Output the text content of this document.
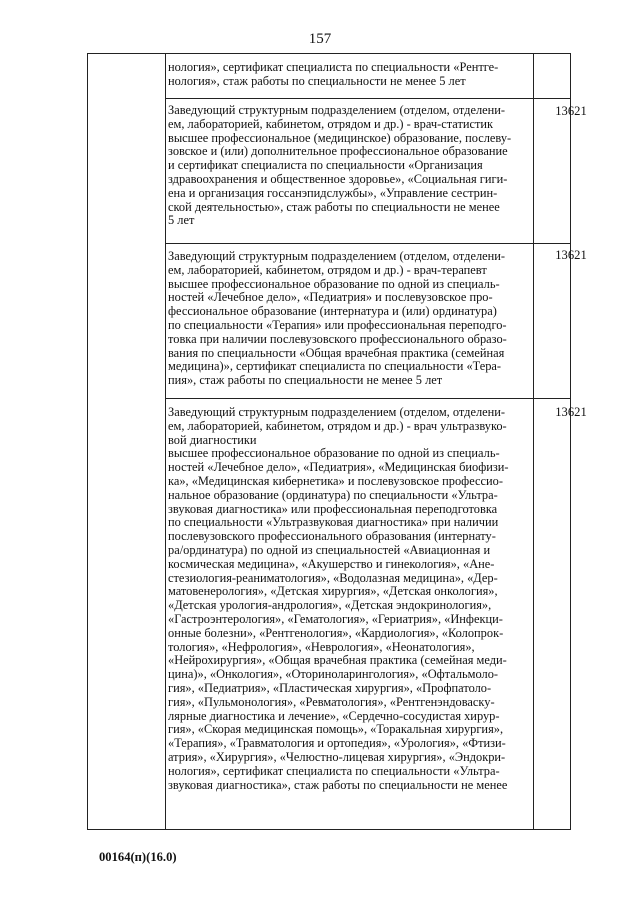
157

нология», сертификат специалиста по специальности «Рентге-
нология», стаж работы по специальности не менее 5 лет

Заведующий структурным подразделением (отделом, отделени-
ем, лабораторией, кабинетом, отрядом и др.) - врач-статистик
высшее профессиональное (медицинское) образование, послеву-
зовское и (или) дополнительное профессиональное образование
и сертификат специалиста по специальности «Организация
здравоохранения и общественное здоровье», «Социальная гиги-
ена и организация госсанэпидслужбы», «Управление сестрин-
ской деятельностью», стаж работы по специальности не менее
5 лет

13621

Заведующий структурным подразделением (отделом, отделени-
ем, лабораторией, кабинетом, отрядом и др.) - врач-терапевт
высшее профессиональное образование по одной из специаль-
ностей «Лечебное дело», «Педиатрия» и послевузовское про-
фессиональное образование (интернатура и (или) ординатура)
по специальности «Терапия» или профессиональная переподго-
товка при наличии послевузовского профессионального образо-
вания по специальности «Общая врачебная практика (семейная
медицина)», сертификат специалиста по специальности «Тера-
пия», стаж работы по специальности не менее 5 лет

13621

Заведующий структурным подразделением (отделом, отделени-
ем, лабораторией, кабинетом, отрядом и др.) - врач ультразвуко-
вой диагностики
высшее профессиональное образование по одной из специаль-
ностей «Лечебное дело», «Педиатрия», «Медицинская биофизи-
ка», «Медицинская кибернетика» и послевузовское профессио-
нальное образование (ординатура) по специальности «Ультра-
звуковая диагностика» или профессиональная переподготовка
по специальности «Ультразвуковая диагностика» при наличии
послевузовского профессионального образования (интернату-
ра/ординатура) по одной из специальностей «Авиационная и
космическая медицина», «Акушерство и гинекология», «Ане-
стезиология-реаниматология», «Водолазная медицина», «Дер-
матовенерология», «Детская хирургия», «Детская онкология»,
«Детская урология-андрология», «Детская эндокринология»,
«Гастроэнтерология», «Гематология», «Гериатрия», «Инфекци-
онные болезни», «Рентгенология», «Кардиология», «Колопрок-
тология», «Нефрология», «Неврология», «Неонатология»,
«Нейрохирургия», «Общая врачебная практика (семейная меди-
цина)», «Онкология», «Оториноларингология», «Офтальмоло-
гия», «Педиатрия», «Пластическая хирургия», «Профпатоло-
гия», «Пульмонология», «Ревматология», «Рентгенэндоваску-
лярные диагностика и лечение», «Сердечно-сосудистая хирур-
гия», «Скорая медицинская помощь», «Торакальная хирургия»,
«Терапия», «Травматология и ортопедия», «Урология», «Фтизи-
атрия», «Хирургия», «Челюстно-лицевая хирургия», «Эндокри-
нология», сертификат специалиста по специальности «Ультра-
звуковая диагностика», стаж работы по специальности не менее

13621
00164(п)(16.0)
